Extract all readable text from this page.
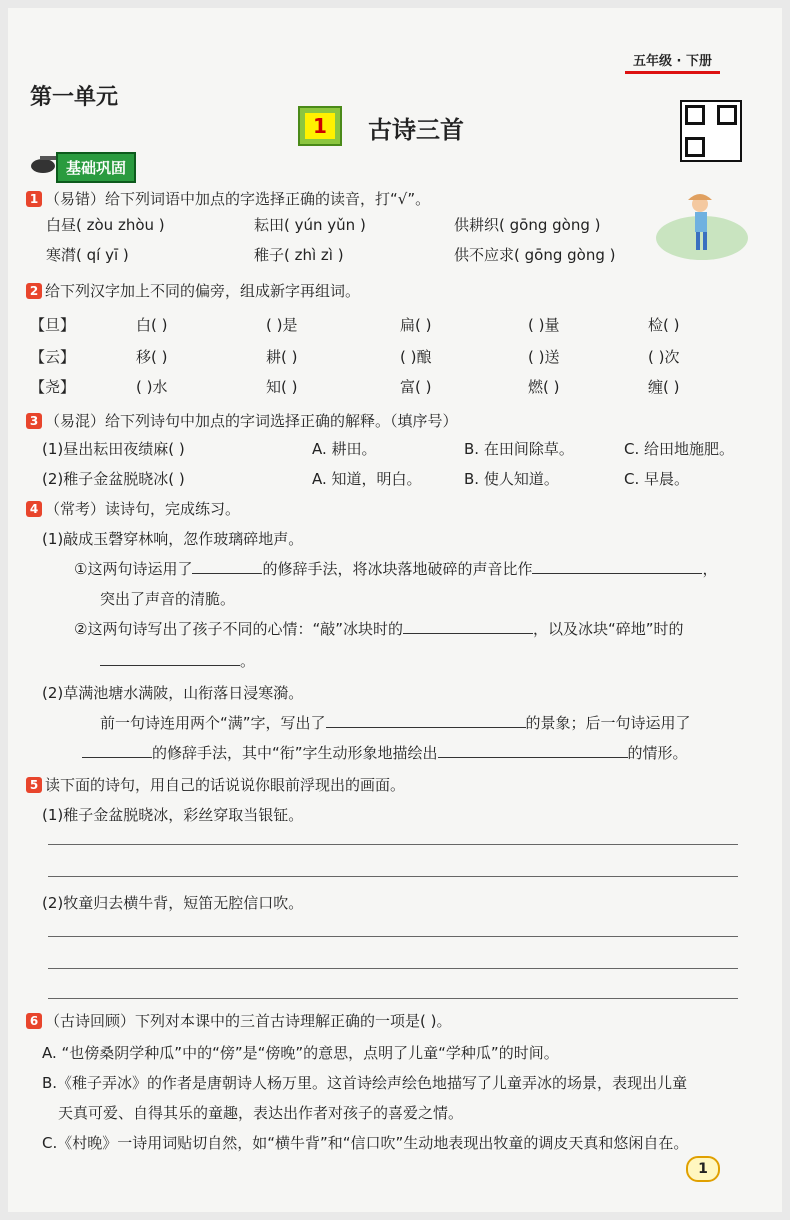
五年级 · 下册
第一单元
1	古诗三首
基础巩固
1 （易错）给下列词语中加点的字选择正确的读音，打“√”。
白昼( zòu zhòu )	耘田( yún yǔn )	供耕织( gōng gòng )
寒潸( qí yī )	稚子( zhì zì )	供不应求( gōng gòng )
2 给下列汉字加上不同的偏旁，组成新字再组词。
【旦】	白( )	( )是	扁( )	( )量	检( )
【云】	移( )	耕( )	( )酿	( )送	( )次
【尧】	( )水	知( )	富( )	燃( )	缠( )
3 （易混）给下列诗句中加点的字词选择正确的解释。（填序号）
(1)昼出耘田夜绩麻( )	A. 耕田。	B. 在田间除草。	C. 给田地施肥。
(2)稚子金盆脱晓冰( )	A. 知道，明白。	B. 使人知道。	C. 早晨。
4 （常考）读诗句，完成练习。
(1)敲成玉磬穿林响，忽作玻璃碎地声。
①这两句诗运用了	的修辞手法，将冰块落地破碎的声音比作	，
突出了声音的清脆。
②这两句诗写出了孩子不同的心情：“敲”冰块时的	，以及冰块“碎地”时的
。
(2)草满池塘水满陂，山衔落日浸寒漪。
前一句诗连用两个“满”字，写出了	的景象；后一句诗运用了
的修辞手法，其中“衔”字生动形象地描绘出	的情形。
5 读下面的诗句，用自己的话说说你眼前浮现出的画面。
(1)稚子金盆脱晓冰，彩丝穿取当银钲。
(2)牧童归去横牛背，短笛无腔信口吹。
6 （古诗回顾）下列对本课中的三首古诗理解正确的一项是( )。
A. “也傍桑阴学种瓜”中的“傍”是“傍晚”的意思，点明了儿童“学种瓜”的时间。
B.《稚子弄冰》的作者是唐朝诗人杨万里。这首诗绘声绘色地描写了儿童弄冰的场景，表现出儿童
天真可爱、自得其乐的童趣，表达出作者对孩子的喜爱之情。
C.《村晚》一诗用词贴切自然，如“横牛背”和“信口吹”生动地表现出牧童的调皮天真和悠闲自在。
1
